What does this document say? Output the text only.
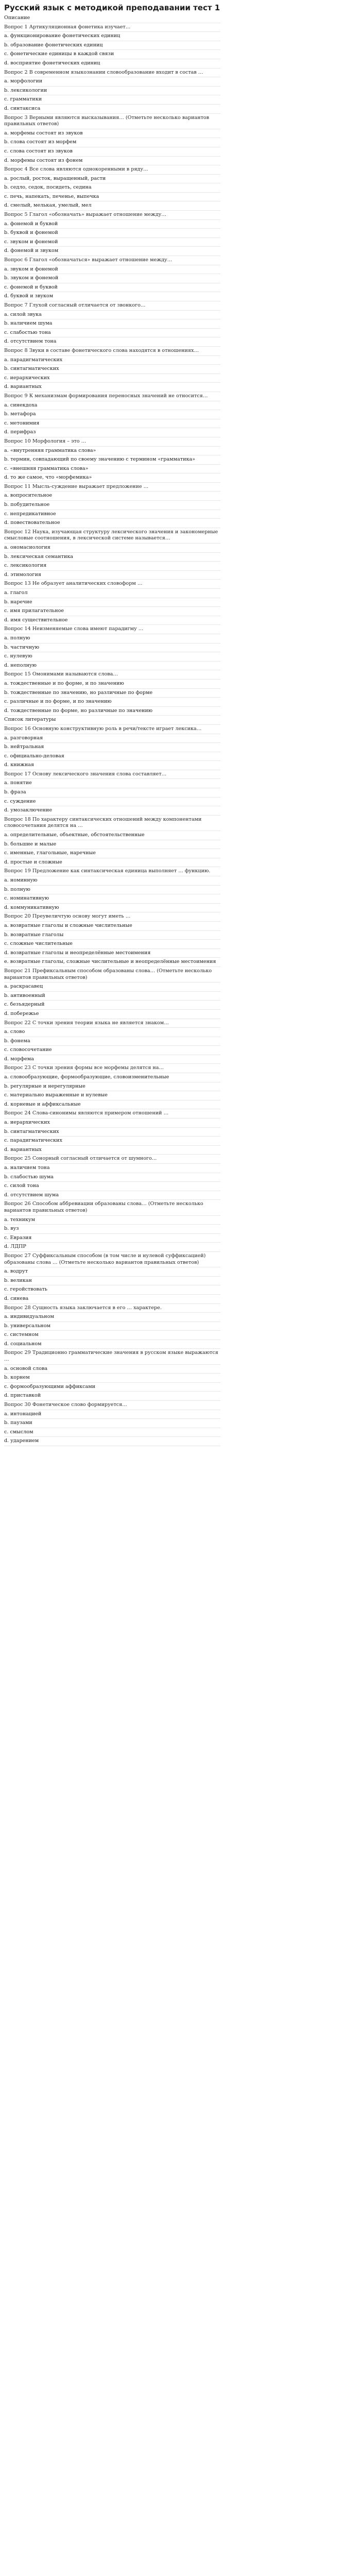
Русский язык с методикой преподавании тест 1
Описание
Вопрос 1 Артикуляционная фонетика изучает…
a. функционирование фонетических единиц
b. образование фонетических единиц
c. фонетические единицы в каждой связи
d. восприятие фонетических единиц
Вопрос 2 В современном языкознании словообразование входит в состав …
a. морфологии
b. лексикологии
c. грамматики
d. синтаксиса
Вопрос 3 Верными являются высказывания… (Отметьте несколько вариантов правильных ответов)
a. морфемы состоят из звуков
b. слова состоят из морфем
c. слова состоят из звуков
d. морфемы состоят из фонем
Вопрос 4 Все слова являются однокоренными в ряду…
a. рослый, росток, выращенный, расти
b. седло, седок, посидеть, седина
c. печь, напекать, печенье, выпечка
d. смелый, мелькая, умелый, мел
Вопрос 5 Глагол «обозначать» выражает отношение между…
a. фонемой и буквой
b. буквой и фонемой
c. звуком и фонемой
d. фонемой и звуком
Вопрос 6 Глагол «обозначаться» выражает отношение между…
a. звуком и фонемой
b. звуком и фонемой
c. фонемой и буквой
d. буквой и звуком
Вопрос 7 Глухой согласный отличается от звонкого…
a. силой звука
b. наличием шума
c. слабостью тона
d. отсутствием тона
Вопрос 8 Звуки в составе фонетического слова находятся в отношениях…
a. парадигматических
b. синтагматических
c. иерархических
d. вариантных
Вопрос 9 К механизмам формирования переносных значений не относится…
a. синекдоха
b. метафора
c. метонимия
d. перифраз
Вопрос 10 Морфология – это …
a. «внутренняя грамматика слова»
b. термин, совпадающий по своему значению с термином «грамматика»
c. «внешняя грамматика слова»
d. то же самое, что «морфемика»
Вопрос 11 Мысль-суждение выражает предложение …
a. вопросительное
b. побудительное
c. непредикативное
d. повествовательное
Вопрос 12 Наука, изучающая структуру лексического значения и закономерные смысловые соотношения, в лексической системе называется…
a. ономасиология
b. лексическая семантика
c. лексикология
d. этимология
Вопрос 13 Не образует аналитических словоформ …
a. глагол
b. наречие
c. имя прилагательное
d. имя существительное
Вопрос 14 Неизменяемые слова имеют парадигму …
a. полную
b. частичную
c. нулевую
d. неполную
Вопрос 15 Омонимами называются слова…
a. тождественные и по форме, и по значению
b. тождественные по значению, но различные по форме
c. различные и по форме, и по значению
d. тождественные по форме, но различные по значению
Список литературы
Вопрос 16 Основную конструктивную роль в речи/тексте играет лексика…
a. разговорная
b. нейтральная
c. официально-деловая
d. книжная
Вопрос 17 Основу лексического значения слова составляет…
a. понятие
b. фраза
c. суждение
d. умозаключение
Вопрос 18 По характеру синтаксических отношений между компонентами словосочетания делятся на …
a. определительные, объектные, обстоятельственные
b. большие и малые
c. именные, глагольные, наречные
d. простые и сложные
Вопрос 19 Предложение как синтаксическая единица выполняет … функцию.
a. номинную
b. полную
c. номинативную
d. коммуникативную
Вопрос 20 Преувеличтую основу могут иметь …
a. возвратные глаголы и сложные числительные
b. возвратные глаголы
c. сложные числительные
d. возвратные глаголы и неопределённые местоимения
e. возвратные глаголы, сложные числительные и неопределённые местоимения
Вопрос 21 Префиксальным способом образованы слова… (Отметьте несколько вариантов правильных ответов)
a. раскрасавец
b. антивоенный
c. безъядерный
d. побережье
Вопрос 22 С точки зрения теории языка не является знаком…
a. слово
b. фонема
c. словосочетание
d. морфема
Вопрос 23 С точки зрения формы все морфемы делятся на…
a. словообразующие, формообразующие, словоизменительные
b. регулярные и нерегулярные
c. материально выраженные и нулевые
d. корневые и аффиксальные
Вопрос 24 Слова-синонимы являются примером отношений …
a. иерархических
b. синтагматических
c. парадигматических
d. вариантных
Вопрос 25 Сонорный согласный отличается от шумного…
a. наличием тона
b. слабостью шума
c. силой тона
d. отсутствием шума
Вопрос 26 Способом аббревиации образованы слова… (Отметьте несколько вариантов правильных ответов)
a. техникум
b. вуз
c. Евразия
d. ЛДПР
Вопрос 27 Суффиксальным способом (в том числе и нулевой суффиксацией) образованы слова … (Отметьте несколько вариантов правильных ответов)
a. водрут
b. великан
c. геройствовать
d. синева
Вопрос 28 Сущность языка заключается в его … характере.
a. индивидуальном
b. универсальном
c. системном
d. социальном
Вопрос 29 Традиционно грамматические значения в русском языке выражаются …
a. основой слова
b. корнем
c. формообразующими аффиксами
d. приставкой
Вопрос 30 Фонетическое слово формируется…
a. интонацией
b. паузами
c. смыслом
d. ударением
